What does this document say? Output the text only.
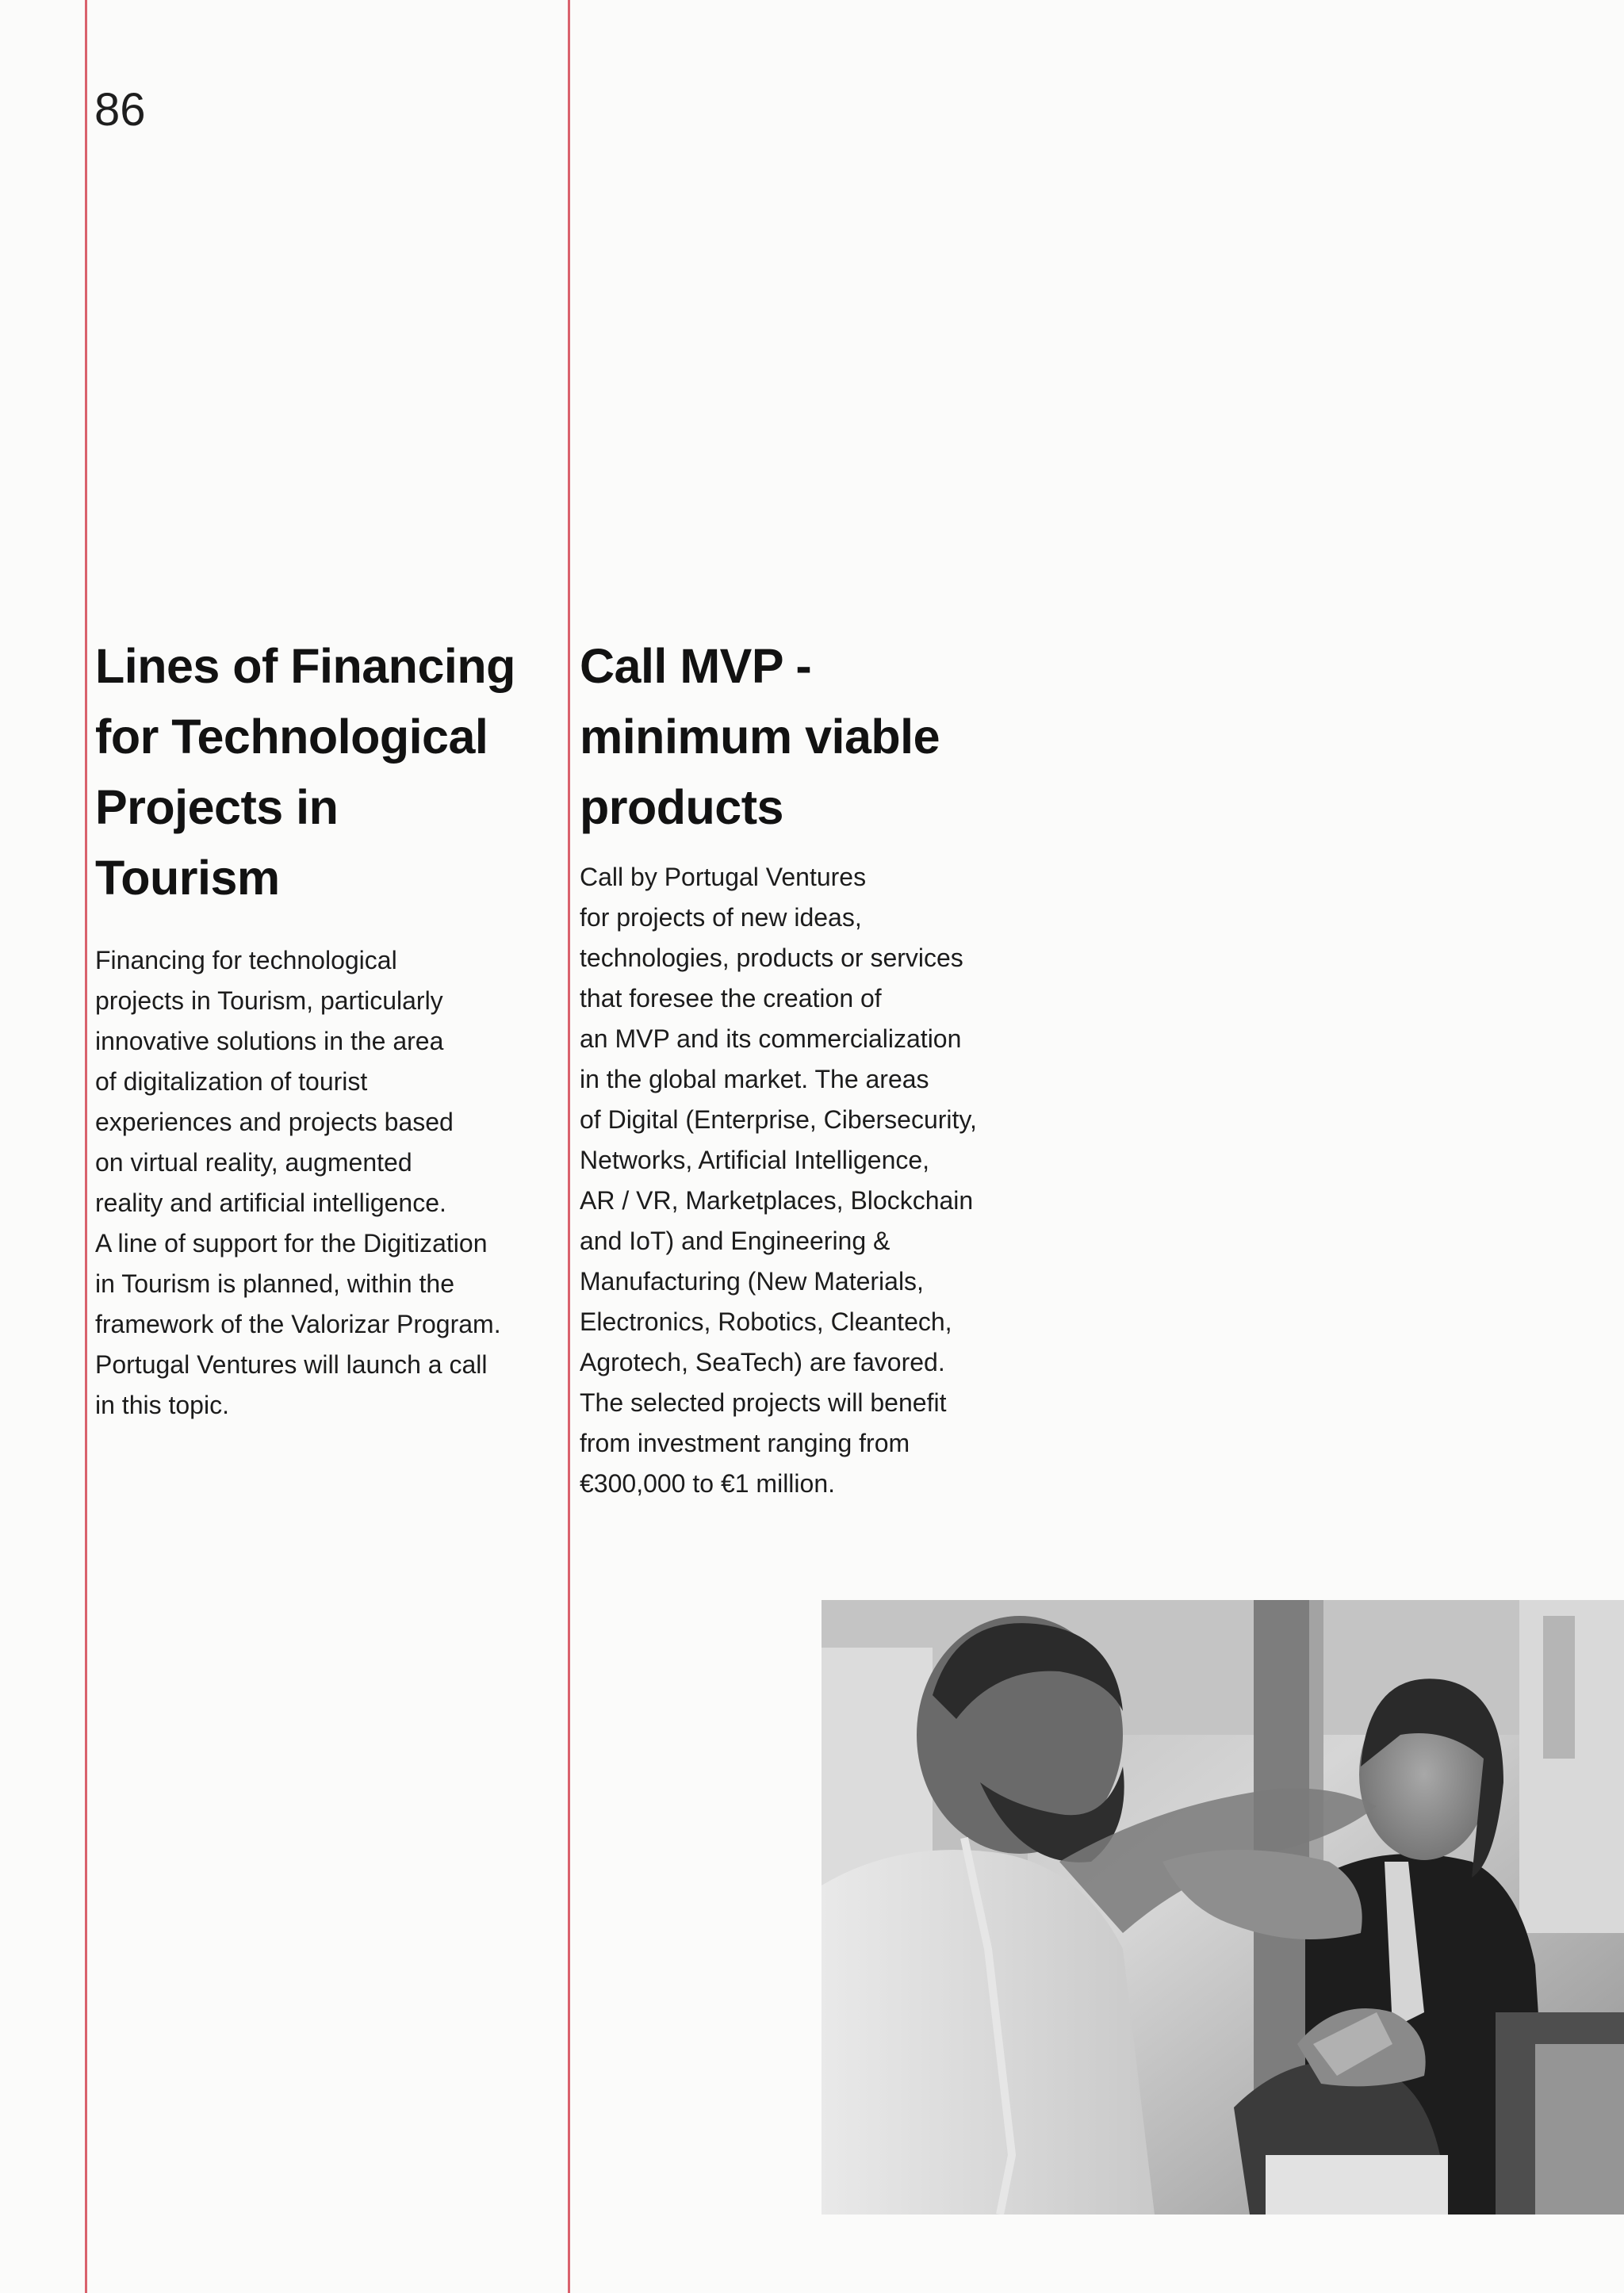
86
Lines of Financing
for Technological
Projects in
Tourism

Financing for technological
projects in Tourism, particularly
innovative solutions in the area
of digitalization of tourist
experiences and projects based
on virtual reality, augmented
reality and artificial intelligence.
A line of support for the Digitization
in Tourism is planned, within the
framework of the Valorizar Program.
Portugal Ventures will launch a call
in this topic.

Call MVP -
minimum viable
products

Call by Portugal Ventures
for projects of new ideas,
technologies, products or services
that foresee the creation of
an MVP and its commercialization
in the global market. The areas
of Digital (Enterprise, Cibersecurity,
Networks, Artificial Intelligence,
AR / VR, Marketplaces, Blockchain
and IoT) and Engineering &
Manufacturing (New Materials,
Electronics, Robotics, Cleantech,
Agrotech, SeaTech) are favored.
The selected projects will benefit
from investment ranging from
€300,000 to €1 million.
